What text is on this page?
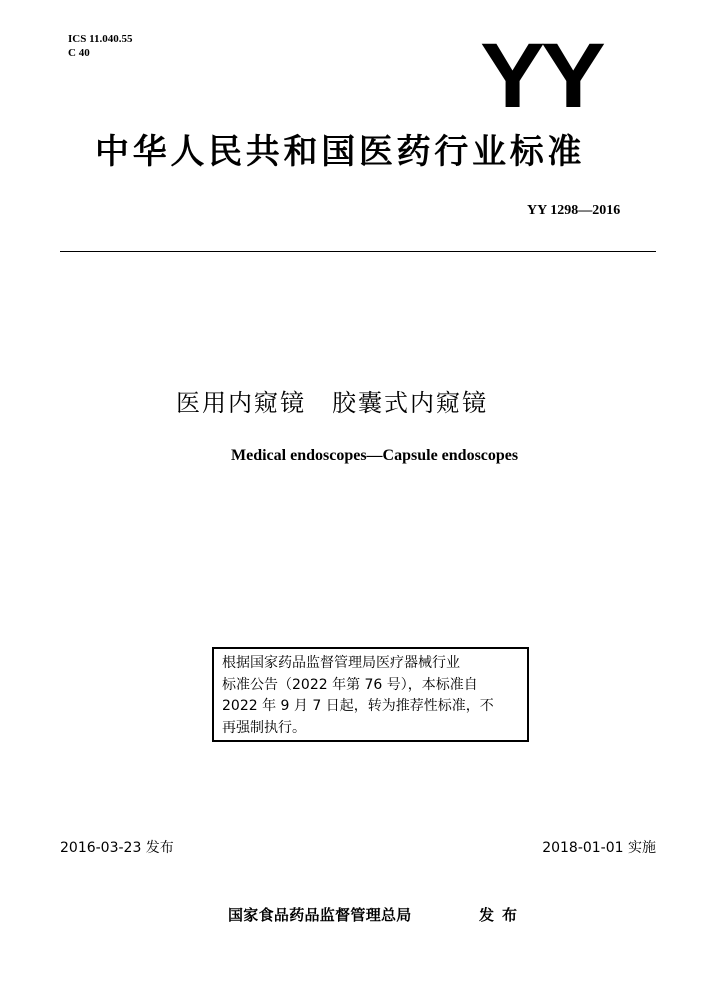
ICS 11.040.55
C 40	YY
中华人民共和国医药行业标准
YY 1298—2016
医用内窥镜　胶囊式内窥镜
Medical endoscopes—Capsule endoscopes
根据国家药品监督管理局医疗器械行业
标准公告（2022 年第 76 号），本标准自
2022 年 9 月 7 日起，转为推荐性标准，不
再强制执行。
2016-03-23 发布	2018-01-01 实施
国家食品药品监督管理总局	发布
